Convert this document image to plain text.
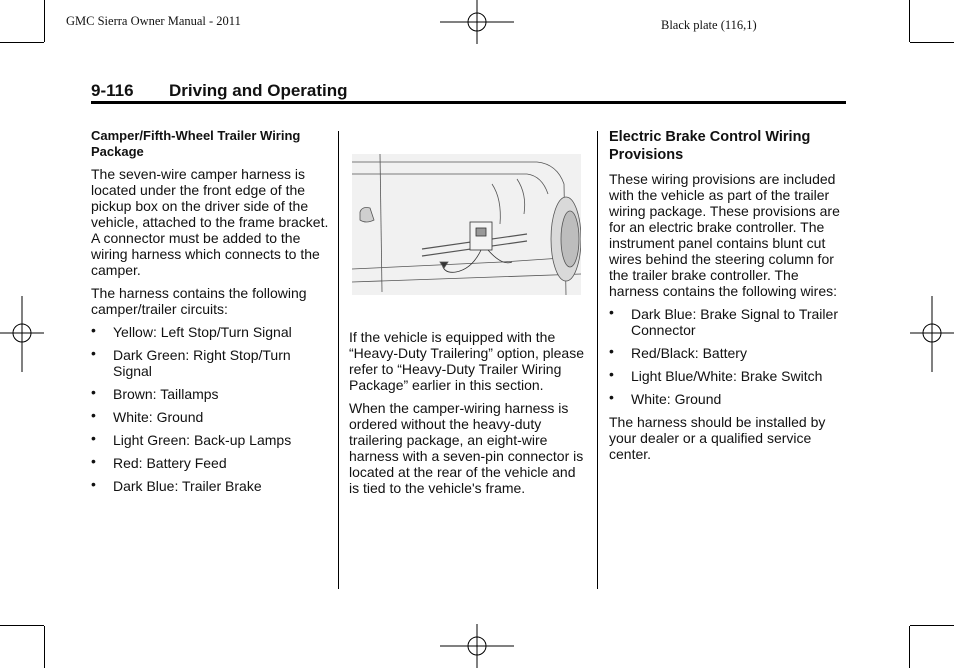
GMC Sierra Owner Manual - 2011	Black plate (116,1)
9-116 Driving and Operating
Camper/Fifth-Wheel Trailer Wiring Package

The seven-wire camper harness is located under the front edge of the pickup box on the driver side of the vehicle, attached to the frame bracket. A connector must be added to the wiring harness which connects to the camper.

The harness contains the following camper/trailer circuits:

• Yellow: Left Stop/Turn Signal
• Dark Green: Right Stop/Turn Signal
• Brown: Taillamps
• White: Ground
• Light Green: Back-up Lamps
• Red: Battery Feed
• Dark Blue: Trailer Brake

If the vehicle is equipped with the “Heavy-Duty Trailering” option, please refer to “Heavy-Duty Trailer Wiring Package” earlier in this section.

When the camper-wiring harness is ordered without the heavy-duty trailering package, an eight-wire harness with a seven-pin connector is located at the rear of the vehicle and is tied to the vehicle's frame.

Electric Brake Control Wiring Provisions

These wiring provisions are included with the vehicle as part of the trailer wiring package. These provisions are for an electric brake controller. The instrument panel contains blunt cut wires behind the steering column for the trailer brake controller. The harness contains the following wires:

• Dark Blue: Brake Signal to Trailer Connector
• Red/Black: Battery
• Light Blue/White: Brake Switch
• White: Ground

The harness should be installed by your dealer or a qualified service center.
